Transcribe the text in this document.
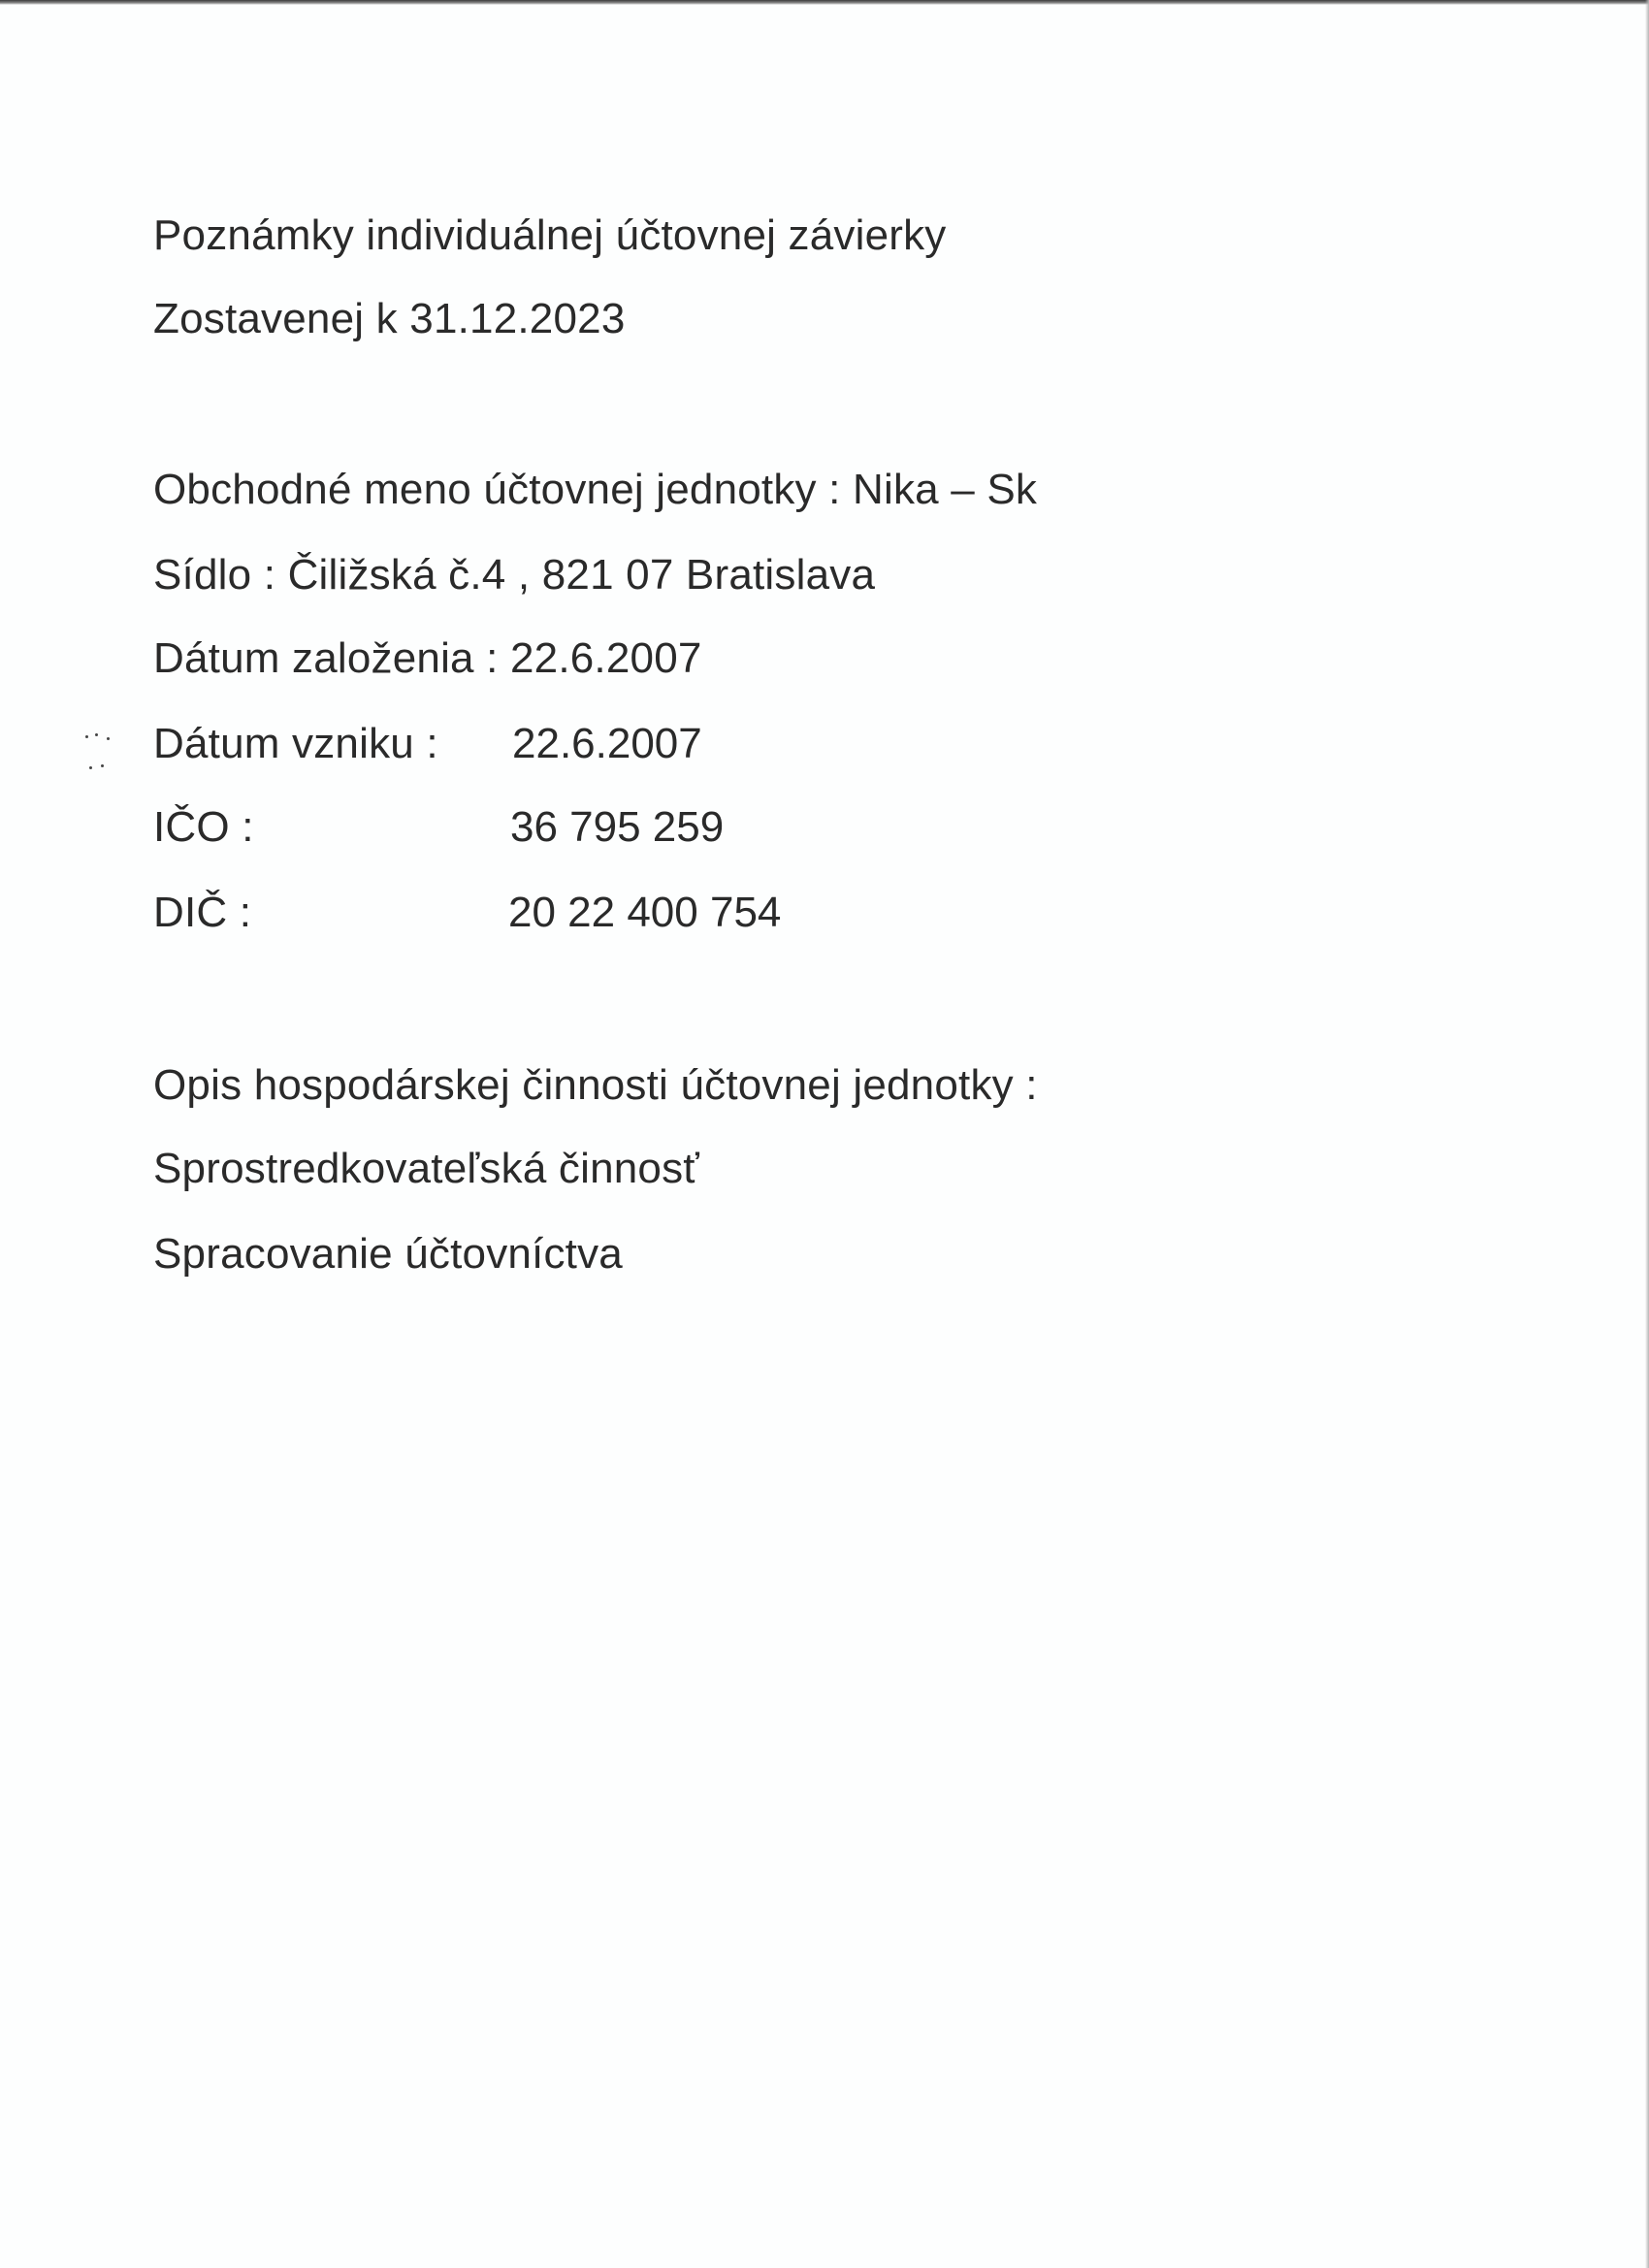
Poznámky individuálnej účtovnej závierky
Zostavenej k 31.12.2023
Obchodné meno účtovnej jednotky : Nika – Sk
Sídlo : Čiližská č.4 , 821 07 Bratislava
Dátum založenia : 22.6.2007
Dátum vzniku : 22.6.2007
IČO :	36 795 259
DIČ :	20 22 400 754
Opis hospodárskej činnosti účtovnej jednotky :
Sprostredkovateľská činnosť
Spracovanie účtovníctva
